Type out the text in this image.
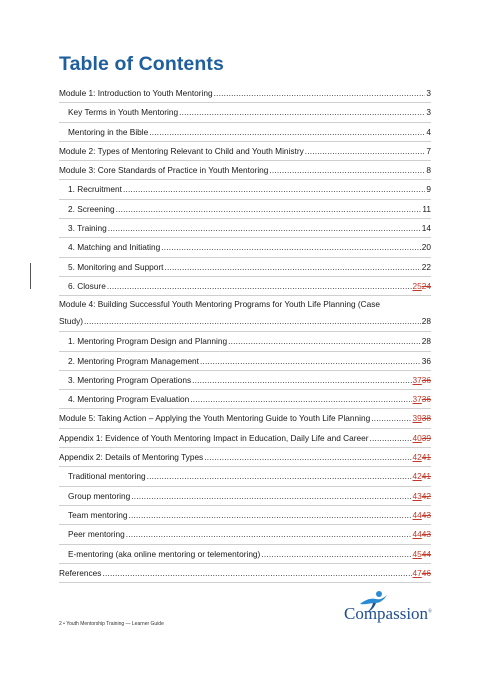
Table of Contents
Module 1: Introduction to Youth Mentoring .....	3
Key Terms in Youth Mentoring .....	3
Mentoring in the Bible .....	4
Module 2: Types of Mentoring Relevant to Child and Youth Ministry .....	7
Module 3: Core Standards of Practice in Youth Mentoring .....	8
1. Recruitment .....	9
2. Screening .....	11
3. Training .....	14
4. Matching and Initiating .....	20
5. Monitoring and Support .....	22
6. Closure .....	2524
Module 4: Building Successful Youth Mentoring Programs for Youth Life Planning (Case
Study) .....	28
1. Mentoring Program Design and Planning .....	28
2. Mentoring Program Management .....	36
3. Mentoring Program Operations .....	3736
4. Mentoring Program Evaluation .....	3736
Module 5: Taking Action – Applying the Youth Mentoring Guide to Youth Life Planning .....	3938
Appendix 1: Evidence of Youth Mentoring Impact in Education, Daily Life and Career .....	4039
Appendix 2: Details of Mentoring Types .....	4241
Traditional mentoring .....	4241
Group mentoring .....	4342
Team mentoring .....	4443
Peer mentoring .....	4443
E-mentoring (aka online mentoring or telementoring) .....	4544
References .....	4746
2 • Youth Mentorship Training — Learner Guide
Compassion®
